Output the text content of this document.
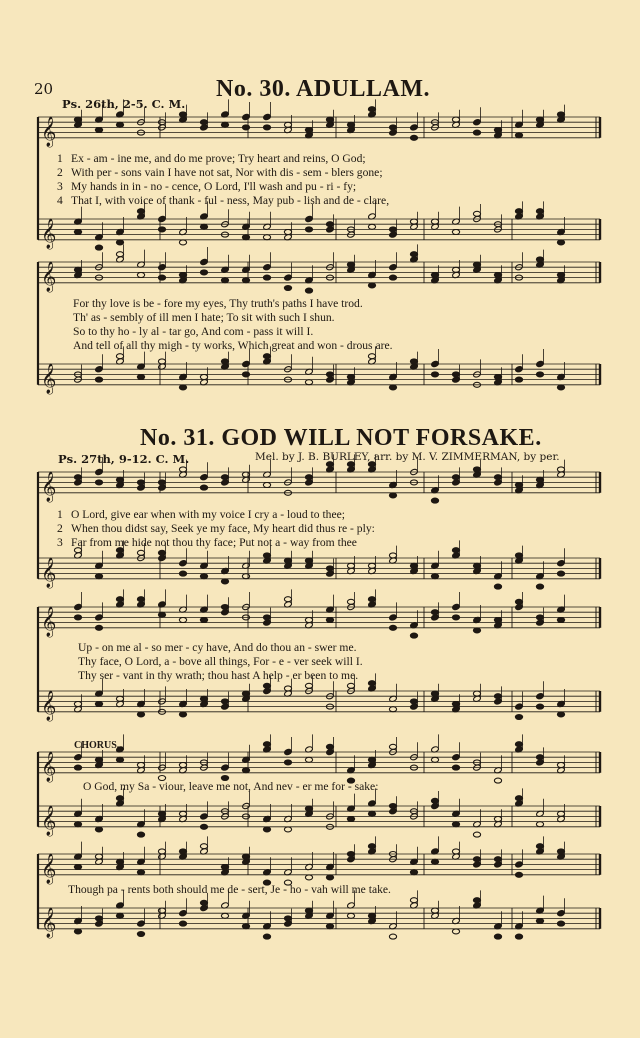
𝄞
𝄞
𝄞
𝄞
𝄞
𝄞
𝄞
𝄞
𝄞
𝄞
𝄞
𝄞
20	No. 30. ADULLAM.
Ps. 26th, 2-5. C. M.
1 Ex - am - ine me, and do me prove; Try heart and reins, O God;
2 With per - sons vain I have not sat, Nor with dis - sem - blers gone;
3 My hands in in - no - cence, O Lord, I'll wash and pu - ri - fy;
4 That I, with voice of thank - ful - ness, May pub - lish and de - clare,
For thy love is be - fore my eyes, Thy truth's paths I have trod.
Th' as - sembly of ill men I hate; To sit with such I shun.
So to thy ho - ly al - tar go, And com - pass it will I.
And tell of all thy migh - ty works, Which great and won - drous are.
No. 31. GOD WILL NOT FORSAKE.
Ps. 27th, 9-12. C. M.	Mel. by J. B. BURLEY, arr. by M. V. ZIMMERMAN, by per.
1 O Lord, give ear when with my voice I cry a - loud to thee;
2 When thou didst say, Seek ye my face, My heart did thus re - ply:
3 Far from me hide not thou thy face; Put not a - way from thee
Up - on me al - so mer - cy have, And do thou an - swer me.
Thy face, O Lord, a - bove all things, For - e - ver seek will I.
Thy ser - vant in thy wrath; thou hast A help - er been to me.
CHORUS.
O God, my Sa - viour, leave me not, And nev - er me for - sake:
Though pa - rents both should me de - sert, Je - ho - vah will me take.
